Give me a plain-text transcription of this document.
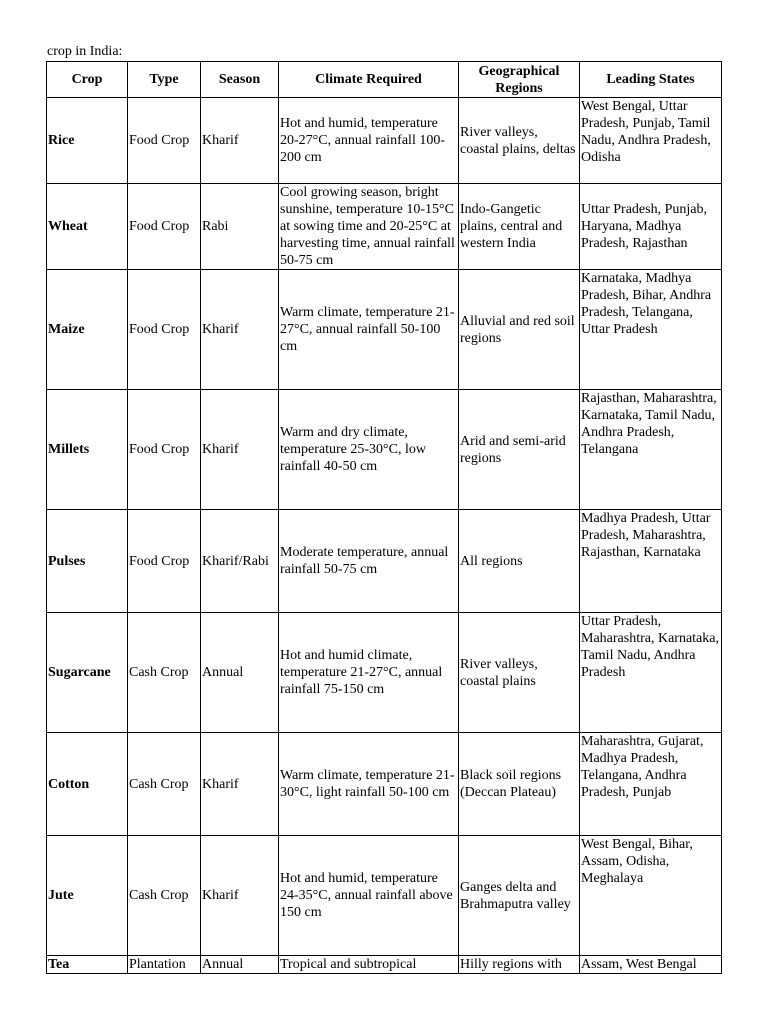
crop in India:
Crop	Type	Season	Climate Required	Geographical Regions	Leading States
Rice	Food Crop	Kharif	Hot and humid, temperature 20-27°C, annual rainfall 100-200 cm	River valleys, coastal plains, deltas	West Bengal, Uttar Pradesh, Punjab, Tamil Nadu, Andhra Pradesh, Odisha
Wheat	Food Crop	Rabi	Cool growing season, bright sunshine, temperature 10-15°C at sowing time and 20-25°C at harvesting time, annual rainfall 50-75 cm	Indo-Gangetic plains, central and western India	Uttar Pradesh, Punjab, Haryana, Madhya Pradesh, Rajasthan
Maize	Food Crop	Kharif	Warm climate, temperature 21-27°C, annual rainfall 50-100 cm	Alluvial and red soil regions	Karnataka, Madhya Pradesh, Bihar, Andhra Pradesh, Telangana, Uttar Pradesh
Millets	Food Crop	Kharif	Warm and dry climate, temperature 25-30°C, low rainfall 40-50 cm	Arid and semi-arid regions	Rajasthan, Maharashtra, Karnataka, Tamil Nadu, Andhra Pradesh, Telangana
Pulses	Food Crop	Kharif/Rabi	Moderate temperature, annual rainfall 50-75 cm	All regions	Madhya Pradesh, Uttar Pradesh, Maharashtra, Rajasthan, Karnataka
Sugarcane	Cash Crop	Annual	Hot and humid climate, temperature 21-27°C, annual rainfall 75-150 cm	River valleys, coastal plains	Uttar Pradesh, Maharashtra, Karnataka, Tamil Nadu, Andhra Pradesh
Cotton	Cash Crop	Kharif	Warm climate, temperature 21-30°C, light rainfall 50-100 cm	Black soil regions (Deccan Plateau)	Maharashtra, Gujarat, Madhya Pradesh, Telangana, Andhra Pradesh, Punjab
Jute	Cash Crop	Kharif	Hot and humid, temperature 24-35°C, annual rainfall above 150 cm	Ganges delta and Brahmaputra valley	West Bengal, Bihar, Assam, Odisha, Meghalaya
Tea	Plantation	Annual	Tropical and subtropical	Hilly regions with	Assam, West Bengal
